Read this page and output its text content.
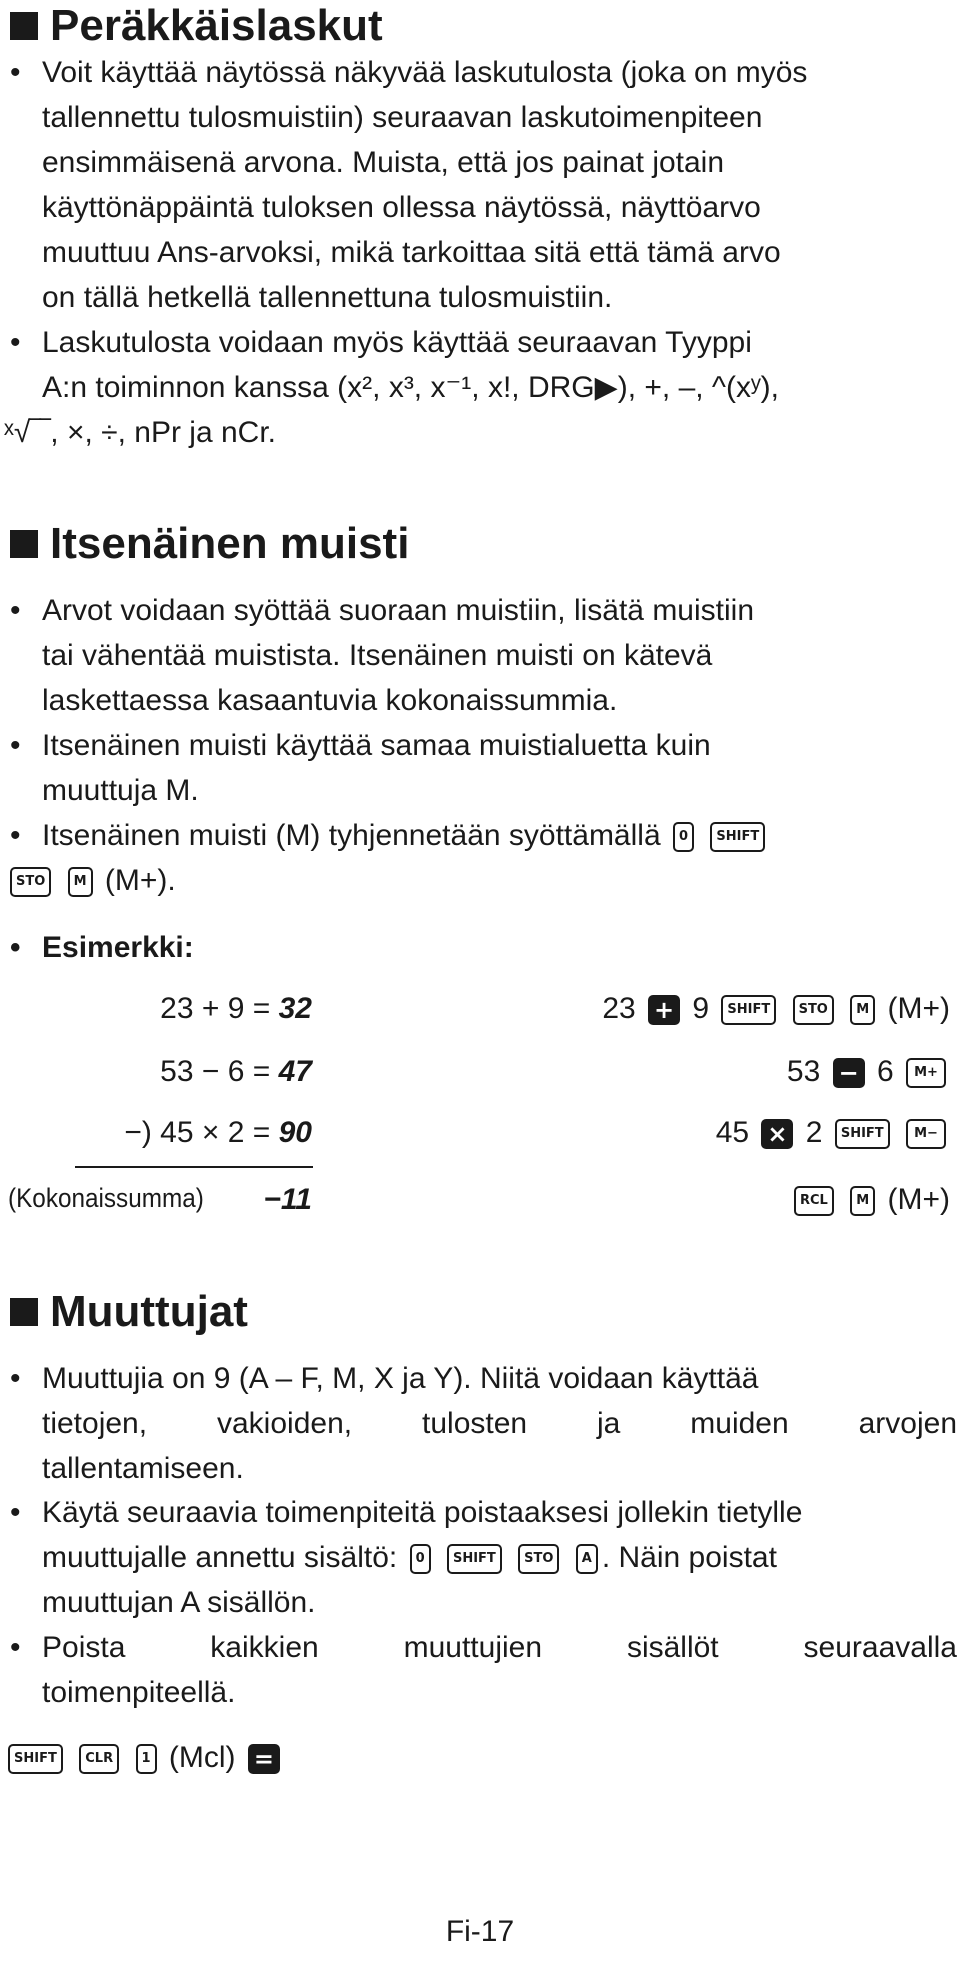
Peräkkäislaskut
• Voit käyttää näytössä näkyvää laskutulosta (joka on myös
tallennettu tulosmuistiin) seuraavan laskutoimenpiteen
ensimmäisenä arvona. Muista, että jos painat jotain
käyttönäppäintä tuloksen ollessa näytössä, näyttöarvo
muuttuu Ans-arvoksi, mikä tarkoittaa sitä että tämä arvo
on tällä hetkellä tallennettuna tulosmuistiin.
• Laskutulosta voidaan myös käyttää seuraavan Tyyppi
A:n toiminnon kanssa (x², x³, x⁻¹, x!, DRG▶), +, –, ^(xʸ),
ˣ√‾‾, ×, ÷, nPr ja nCr.
Itsenäinen muisti
• Arvot voidaan syöttää suoraan muistiin, lisätä muistiin
tai vähentää muistista. Itsenäinen muisti on kätevä
laskettaessa kasaantuvia kokonaissummia.
• Itsenäinen muisti käyttää samaa muistialuetta kuin
muuttuja M.
• Itsenäinen muisti (M) tyhjennetään syöttämällä 0 SHIFT
STO M (M+).
• Esimerkki:
23 + 9 = 32	23 + 9 SHIFT STO M (M+)
53 − 6 = 47	53 − 6 M+
−) 45 × 2 = 90	45 × 2 SHIFT M−
(Kokonaissumma) −11	RCL M (M+)
Muuttujat
• Muuttujia on 9 (A – F, M, X ja Y). Niitä voidaan käyttää
tietojen, vakioiden, tulosten ja muiden arvojen
tallentamiseen.
• Käytä seuraavia toimenpiteitä poistaaksesi jollekin tietylle
muuttujalle annettu sisältö: 0 SHIFT STO A . Näin poistat
muuttujan A sisällön.
• Poista kaikkien muuttujien sisällöt seuraavalla
toimenpiteellä.
SHIFT CLR 1 (Mcl) =
Fi-17
